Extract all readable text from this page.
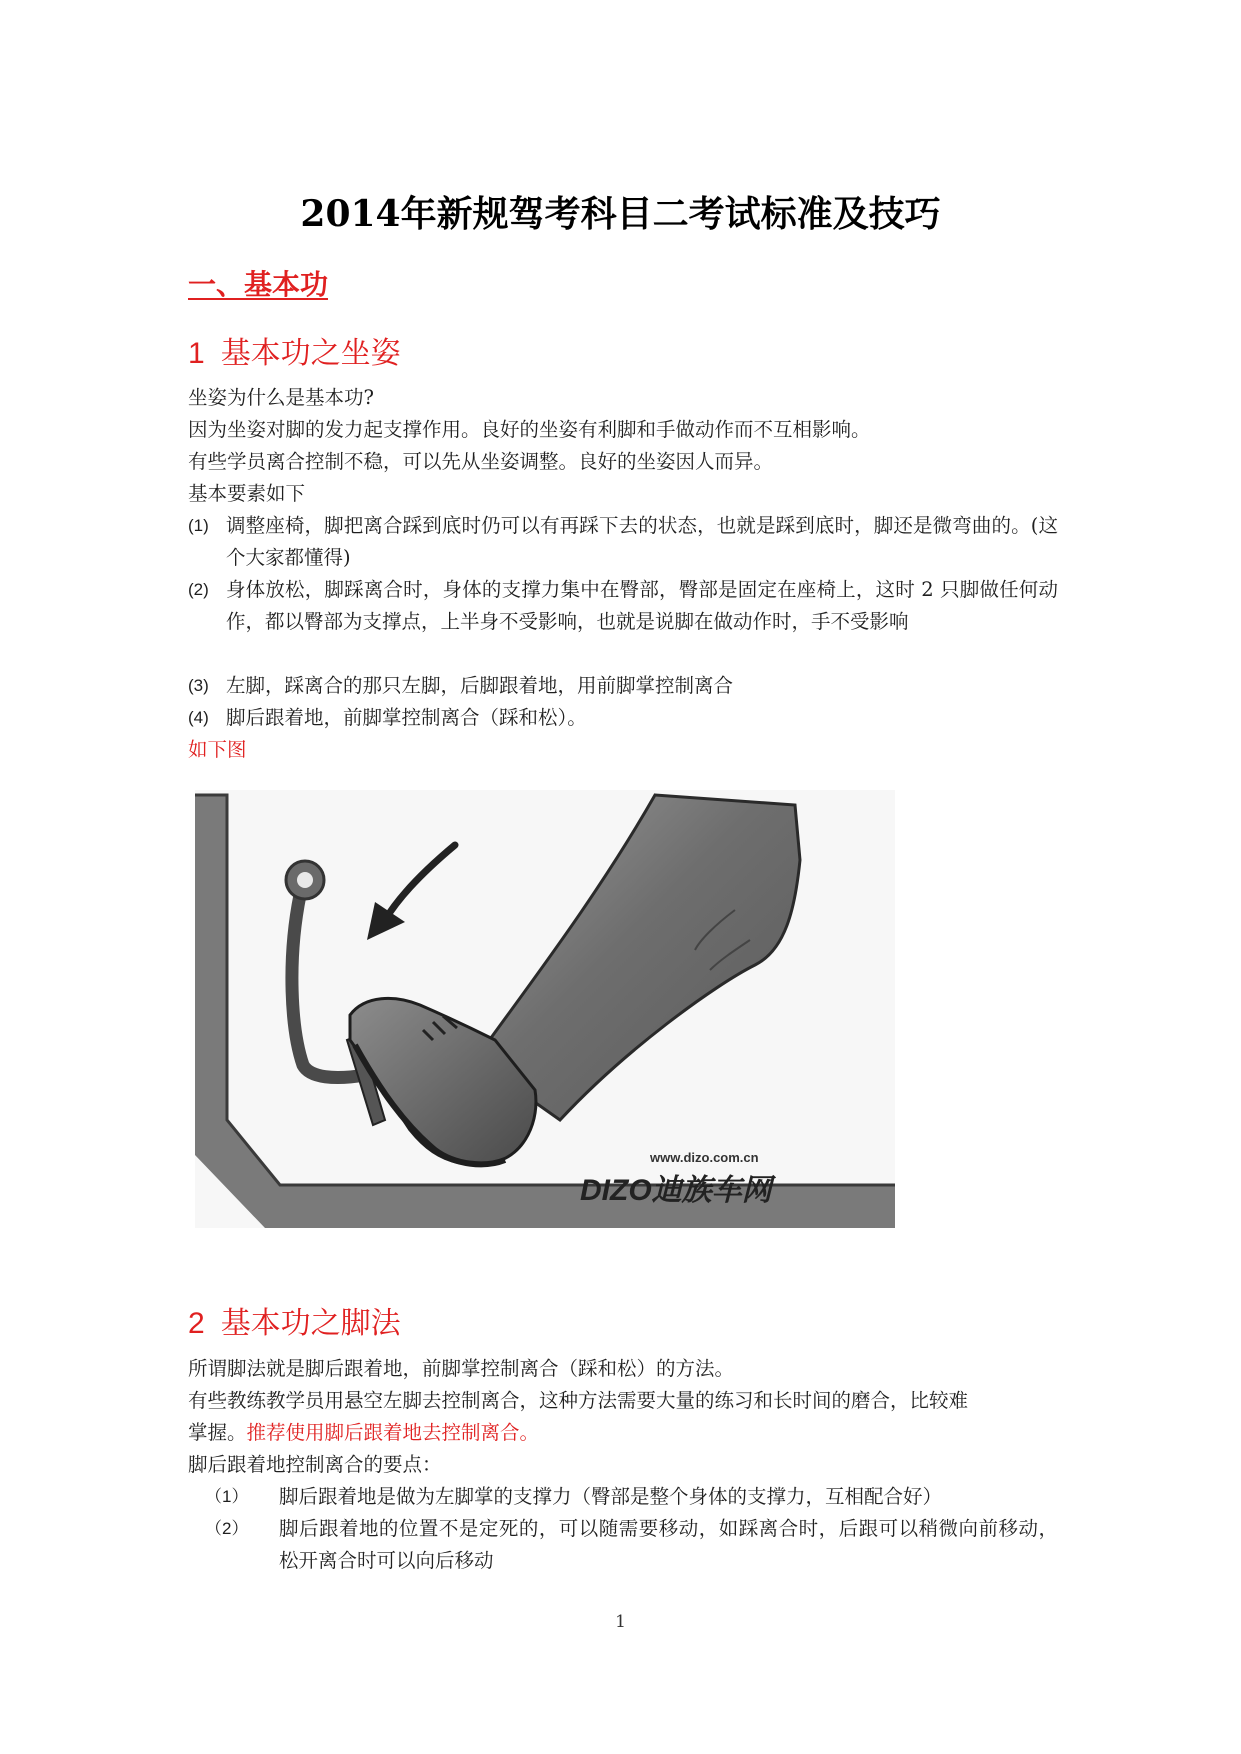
2014年新规驾考科目二考试标准及技巧
一、基本功
1 基本功之坐姿
坐姿为什么是基本功?
因为坐姿对脚的发力起支撑作用。良好的坐姿有利脚和手做动作而不互相影响。
有些学员离合控制不稳，可以先从坐姿调整。良好的坐姿因人而异。
基本要素如下
(1) 调整座椅，脚把离合踩到底时仍可以有再踩下去的状态，也就是踩到底时，脚还是微弯曲的。(这个大家都懂得)
(2) 身体放松，脚踩离合时，身体的支撑力集中在臀部，臀部是固定在座椅上，这时 2 只脚做任何动作，都以臀部为支撑点，上半身不受影响，也就是说脚在做动作时，手不受影响
(3) 左脚，踩离合的那只左脚，后脚跟着地，用前脚掌控制离合
(4) 脚后跟着地，前脚掌控制离合（踩和松）。
如下图
www.dizo.com.cn
DIZO迪族车网
2 基本功之脚法
所谓脚法就是脚后跟着地，前脚掌控制离合（踩和松）的方法。
有些教练教学员用悬空左脚去控制离合，这种方法需要大量的练习和长时间的磨合，比较难
掌握。推荐使用脚后跟着地去控制离合。
脚后跟着地控制离合的要点：
（1） 脚后跟着地是做为左脚掌的支撑力（臀部是整个身体的支撑力，互相配合好）
（2） 脚后跟着地的位置不是定死的，可以随需要移动，如踩离合时，后跟可以稍微向前移动，松开离合时可以向后移动
1
